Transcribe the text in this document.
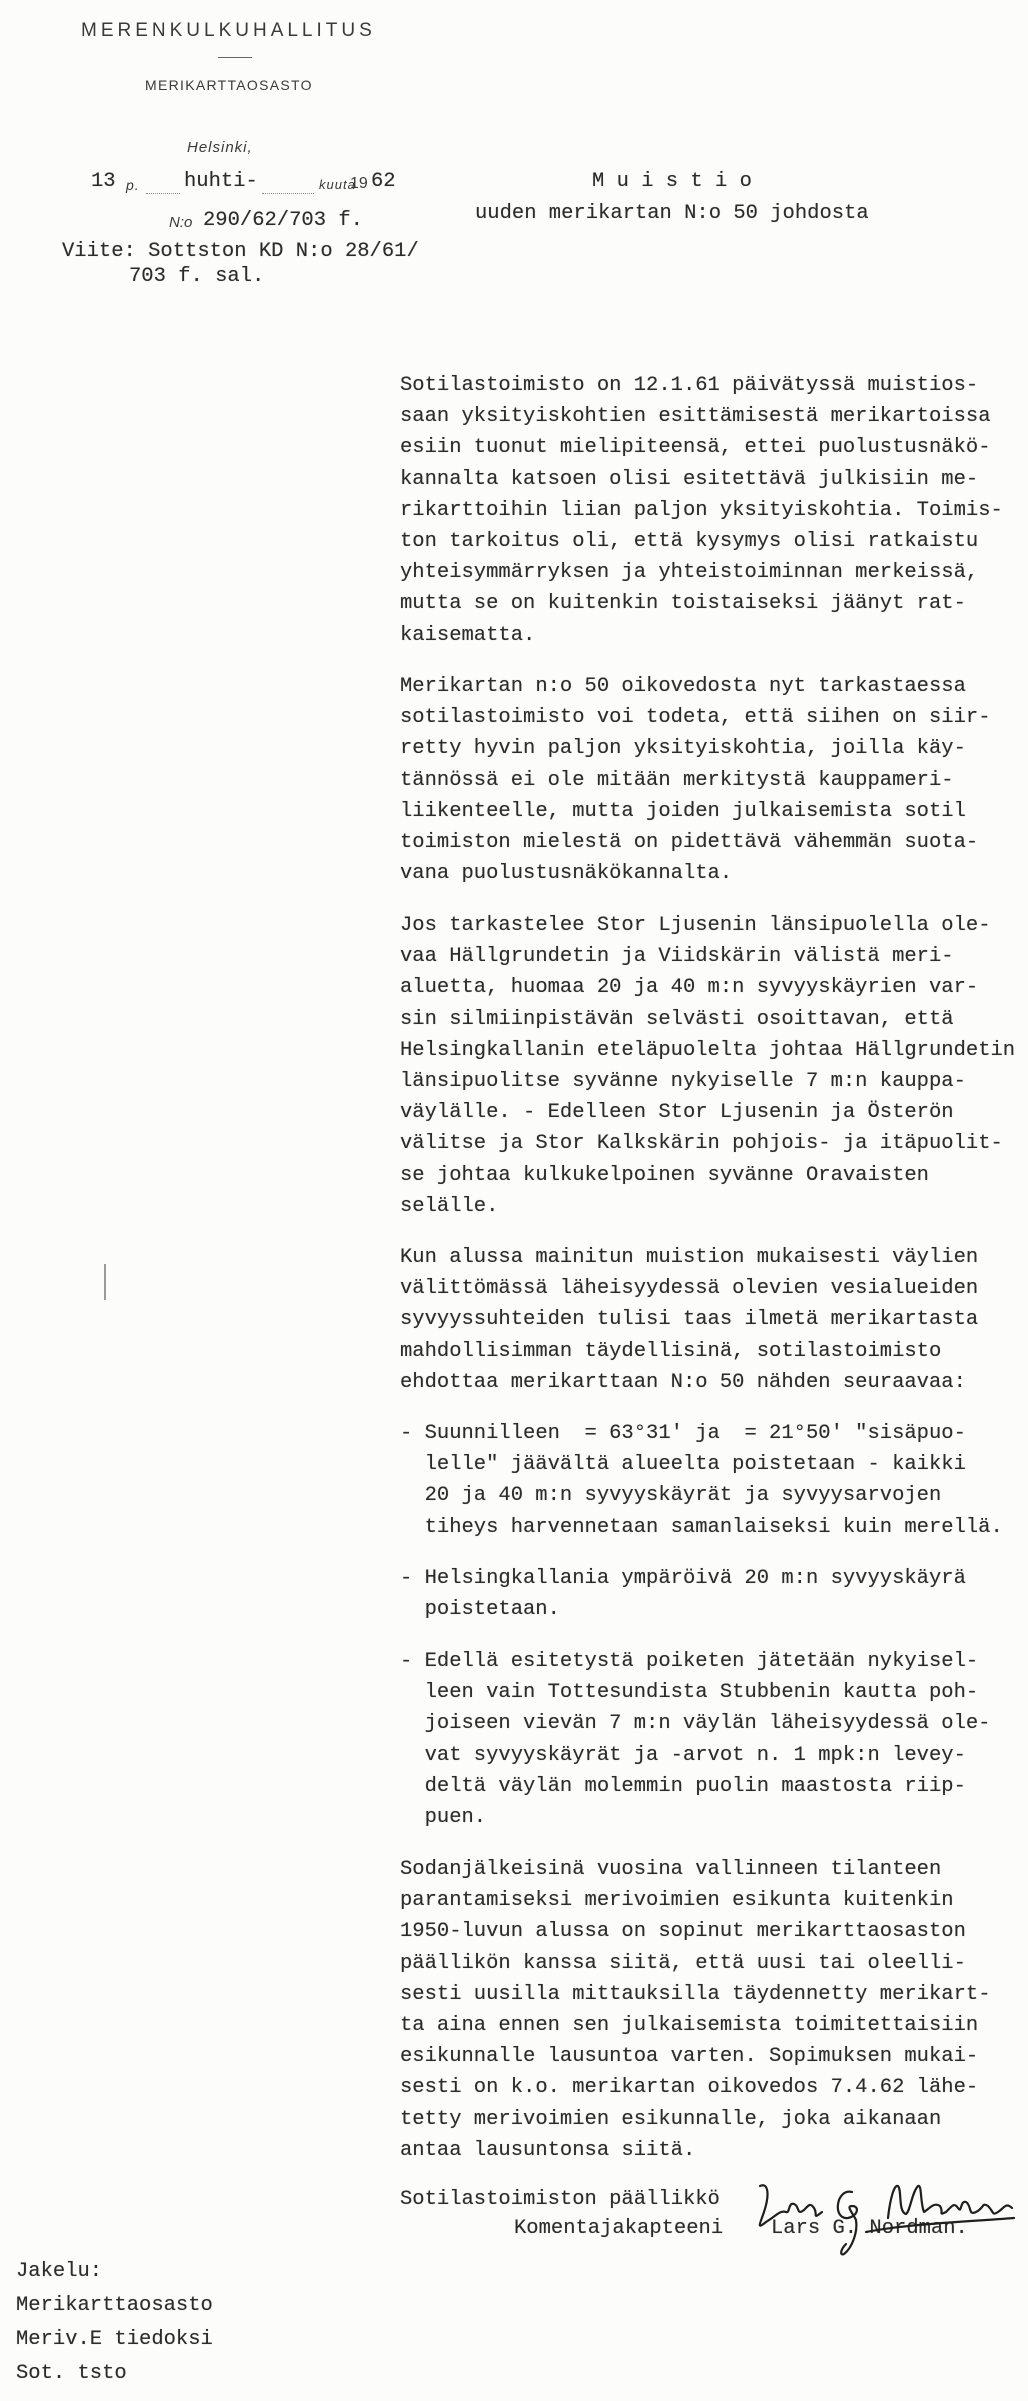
MERENKULKUHALLITUS
MERIKARTTAOSASTO
Helsinki,
13 p. huhti-	kuuta
19 62
N:o 290/62/703 f.
Viite: Sottston KD N:o 28/61/
703 f. sal.
M u i s t i o
uuden merikartan N:o 50 johdosta
Sotilastoimisto on 12.1.61 päivätyssä muistios-
saan yksityiskohtien esittämisestä merikartoissa
esiin tuonut mielipiteensä, ettei puolustusnäkö-
kannalta katsoen olisi esitettävä julkisiin me-
rikarttoihin liian paljon yksityiskohtia. Toimis-
ton tarkoitus oli, että kysymys olisi ratkaistu
yhteisymmärryksen ja yhteistoiminnan merkeissä,
mutta se on kuitenkin toistaiseksi jäänyt rat-
kaisematta.
Merikartan n:o 50 oikovedosta nyt tarkastaessa
sotilastoimisto voi todeta, että siihen on siir-
retty hyvin paljon yksityiskohtia, joilla käy-
tännössä ei ole mitään merkitystä kauppameri-
liikenteelle, mutta joiden julkaisemista sotil
toimiston mielestä on pidettävä vähemmän suota-
vana puolustusnäkökannalta.
Jos tarkastelee Stor Ljusenin länsipuolella ole-
vaa Hällgrundetin ja Viidskärin välistä meri-
aluetta, huomaa 20 ja 40 m:n syvyyskäyrien var-
sin silmiinpistävän selvästi osoittavan, että
Helsingkallanin eteläpuolelta johtaa Hällgrundetin
länsipuolitse syvänne nykyiselle 7 m:n kauppa-
väylälle. - Edelleen Stor Ljusenin ja Österön
välitse ja Stor Kalkskärin pohjois- ja itäpuolit-
se johtaa kulkukelpoinen syvänne Oravaisten
selälle.
Kun alussa mainitun muistion mukaisesti väylien
välittömässä läheisyydessä olevien vesialueiden
syvyyssuhteiden tulisi taas ilmetä merikartasta
mahdollisimman täydellisinä, sotilastoimisto
ehdottaa merikarttaan N:o 50 nähden seuraavaa:
- Suunnilleen  = 63°31′ ja  = 21°50′ "sisäpuo-
lelle" jäävältä alueelta poistetaan - kaikki
20 ja 40 m:n syvyyskäyrät ja syvyysarvojen
tiheys harvennetaan samanlaiseksi kuin merellä.
- Helsingkallania ympäröivä 20 m:n syvyyskäyrä
poistetaan.
- Edellä esitetystä poiketen jätetään nykyisel-
leen vain Tottesundista Stubbenin kautta poh-
joiseen vievän 7 m:n väylän läheisyydessä ole-
vat syvyyskäyrät ja -arvot n. 1 mpk:n levey-
deltä väylän molemmin puolin maastosta riip-
puen.
Sodanjälkeisinä vuosina vallinneen tilanteen
parantamiseksi merivoimien esikunta kuitenkin
1950-luvun alussa on sopinut merikarttaosaston
päällikön kanssa siitä, että uusi tai oleelli-
sesti uusilla mittauksilla täydennetty merikart-
ta aina ennen sen julkaisemista toimitettaisiin
esikunnalle lausuntoa varten. Sopimuksen mukai-
sesti on k.o. merikartan oikovedos 7.4.62 lähe-
tetty merivoimien esikunnalle, joka aikanaan
antaa lausuntonsa siitä.
Sotilastoimiston päällikkö
Komentajakapteeni Lars G. Nordman.
Jakelu:
Merikarttaosasto
Meriv.E tiedoksi
Sot. tsto
